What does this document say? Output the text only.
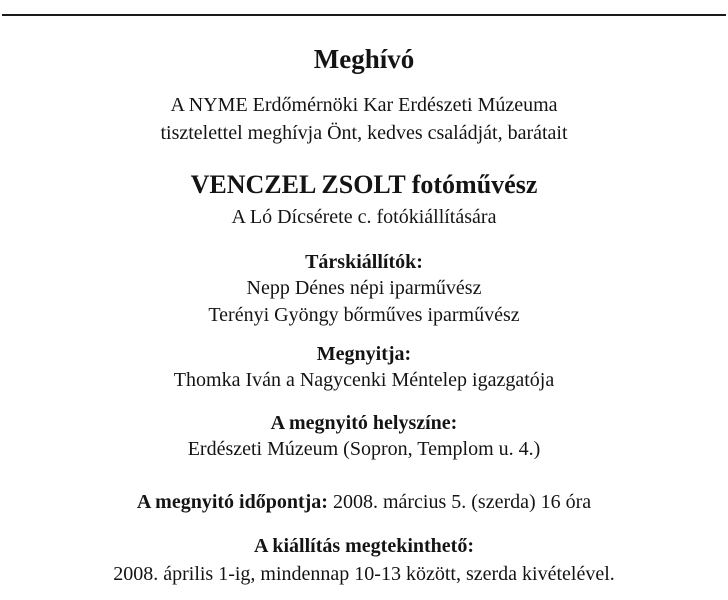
Meghívó
A NYME Erdőmérnöki Kar Erdészeti Múzeuma
tisztelettel meghívja Önt, kedves családját, barátait
VENCZEL ZSOLT fotóművész
A Ló Dícsérete c. fotókiállítására
Társkiállítók:
Nepp Dénes népi iparművész
Terényi Gyöngy bőrműves iparművész
Megnyitja:
Thomka Iván a Nagycenki Méntelep igazgatója
A megnyitó helyszíne:
Erdészeti Múzeum (Sopron, Templom u. 4.)
A megnyitó időpontja: 2008. március 5. (szerda) 16 óra
A kiállítás megtekinthető:
2008. április 1-ig, mindennap 10-13 között, szerda kivételével.
